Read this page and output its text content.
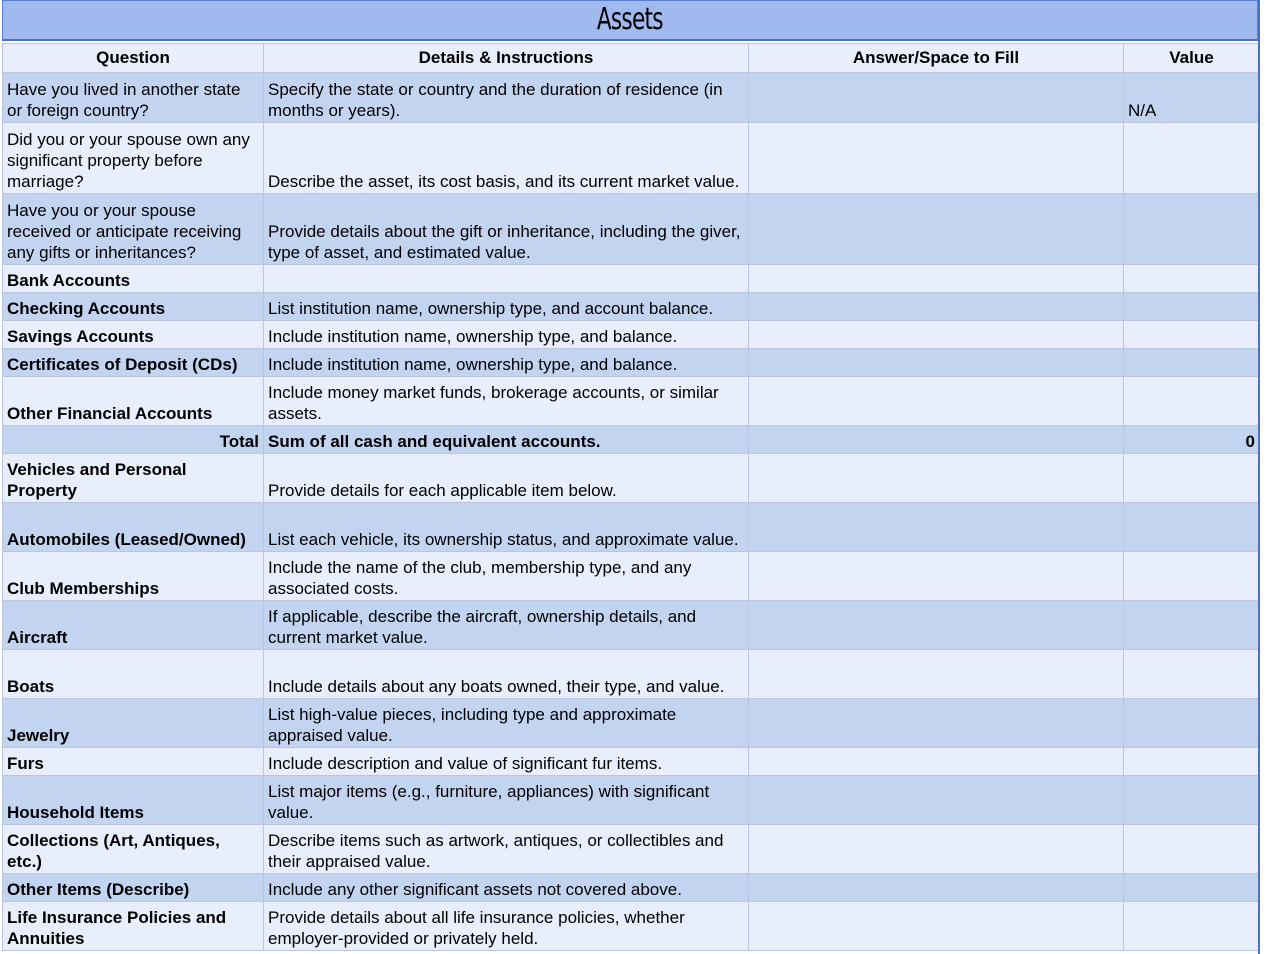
Assets
Question	Details & Instructions	Answer/Space to Fill	Value
Have you lived in another state or foreign country?	Specify the state or country and the duration of residence (in months or years).		N/A
Did you or your spouse own any significant property before marriage?	Describe the asset, its cost basis, and its current market value.		
Have you or your spouse received or anticipate receiving any gifts or inheritances?	Provide details about the gift or inheritance, including the giver, type of asset, and estimated value.		
Bank Accounts			
Checking Accounts	List institution name, ownership type, and account balance.		
Savings Accounts	Include institution name, ownership type, and balance.		
Certificates of Deposit (CDs)	Include institution name, ownership type, and balance.		
Other Financial Accounts	Include money market funds, brokerage accounts, or similar assets.		
Total	Sum of all cash and equivalent accounts.		0
Vehicles and Personal Property	Provide details for each applicable item below.		
Automobiles (Leased/Owned)	List each vehicle, its ownership status, and approximate value.		
Club Memberships	Include the name of the club, membership type, and any associated costs.		
Aircraft	If applicable, describe the aircraft, ownership details, and current market value.		
Boats	Include details about any boats owned, their type, and value.		
Jewelry	List high-value pieces, including type and approximate appraised value.		
Furs	Include description and value of significant fur items.		
Household Items	List major items (e.g., furniture, appliances) with significant value.		
Collections (Art, Antiques, etc.)	Describe items such as artwork, antiques, or collectibles and their appraised value.		
Other Items (Describe)	Include any other significant assets not covered above.		
Life Insurance Policies and Annuities	Provide details about all life insurance policies, whether employer-provided or privately held.		
